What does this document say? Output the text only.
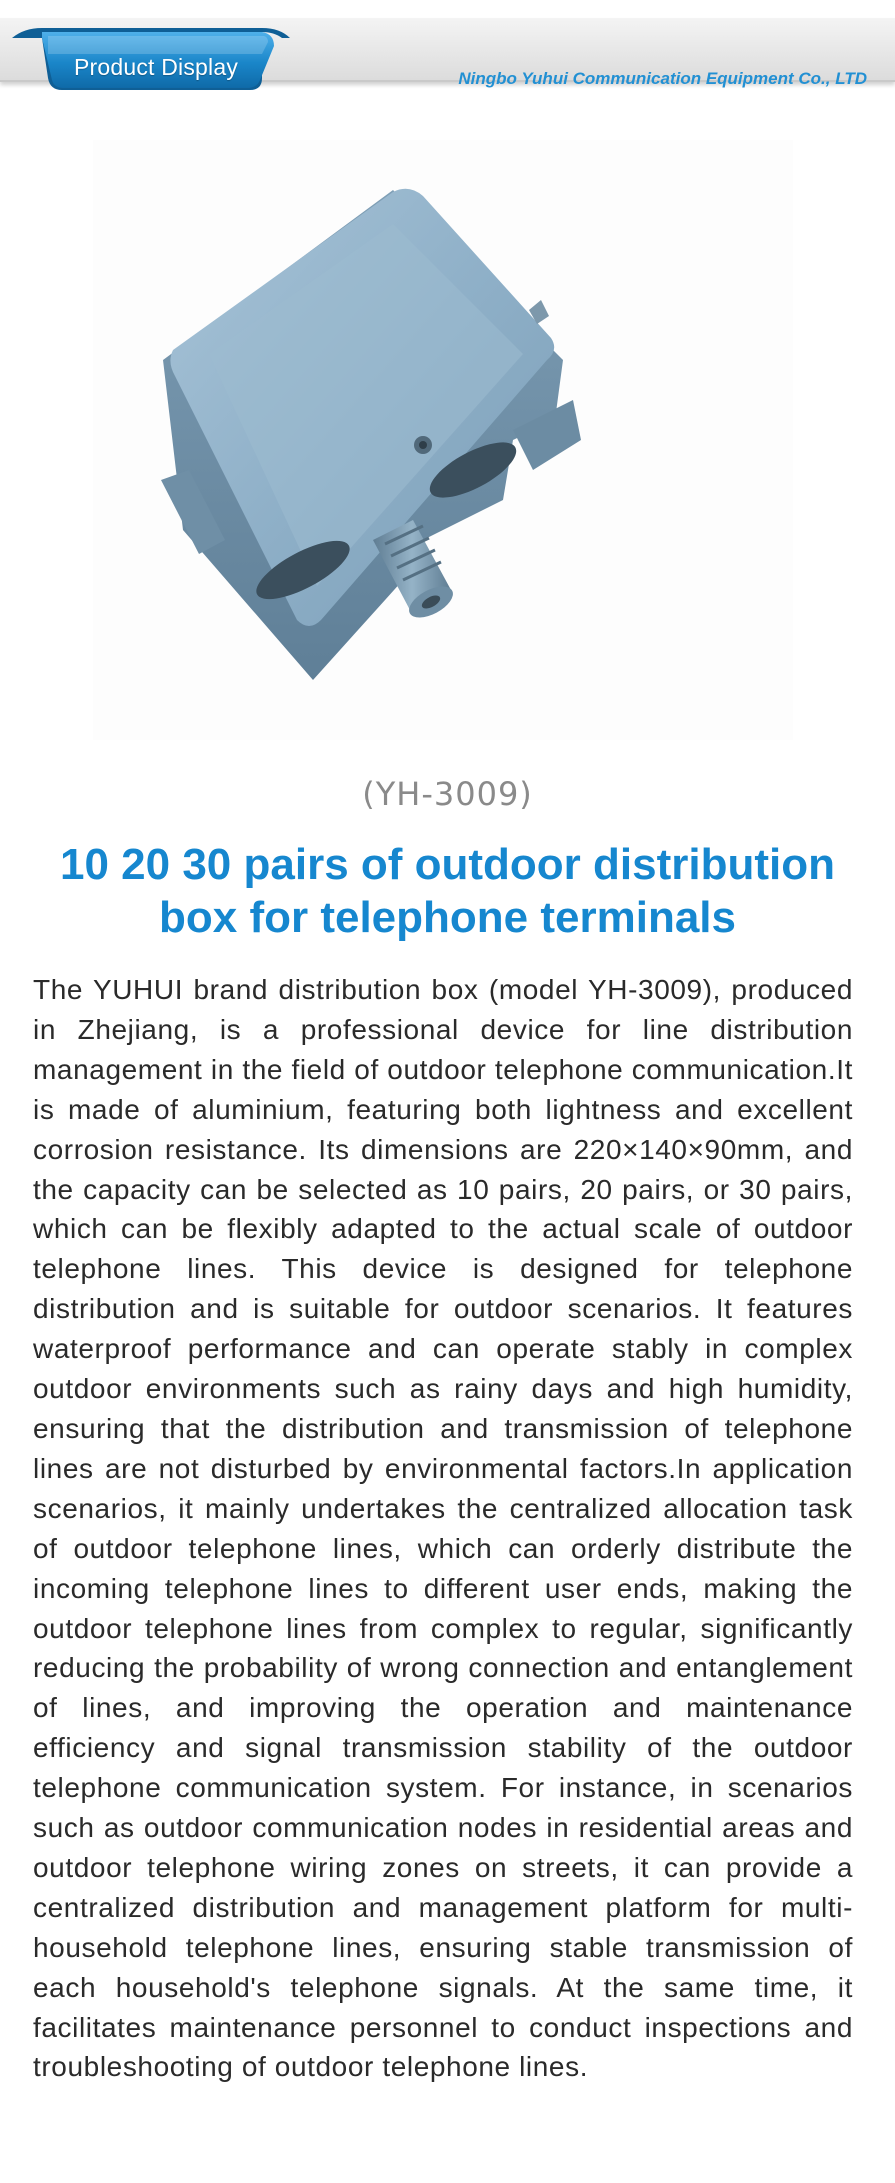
Product Display	Ningbo Yuhui Communication Equipment Co., LTD
(YH-3009)
10 20 30 pairs of outdoor distribution box for telephone terminals
The YUHUI brand distribution box (model YH-3009), produced in Zhejiang, is a professional device for line distribution management in the field of outdoor telephone communication.It is made of aluminium, featuring both lightness and excellent corrosion resistance. Its dimensions are 220×140×90mm, and the capacity can be selected as 10 pairs, 20 pairs, or 30 pairs, which can be flexibly adapted to the actual scale of outdoor telephone lines. This device is designed for telephone distribution and is suitable for outdoor scenarios. It features waterproof performance and can operate stably in complex outdoor environments such as rainy days and high humidity, ensuring that the distribution and transmission of telephone lines are not disturbed by environmental factors.In application scenarios, it mainly undertakes the centralized allocation task of outdoor telephone lines, which can orderly distribute the incoming telephone lines to different user ends, making the outdoor telephone lines from complex to regular, significantly reducing the probability of wrong connection and entanglement of lines, and improving the operation and maintenance efficiency and signal transmission stability of the outdoor telephone communication system. For instance, in scenarios such as outdoor communication nodes in residential areas and outdoor telephone wiring zones on streets, it can provide a centralized distribution and management platform for multi-household telephone lines, ensuring stable transmission of each household's telephone signals. At the same time, it facilitates maintenance personnel to conduct inspections and troubleshooting of outdoor telephone lines.
